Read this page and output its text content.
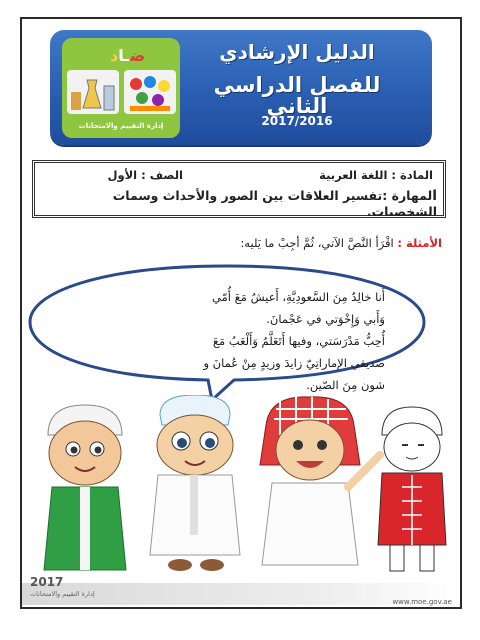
ضـاد
إدارة التقييم والامتحانات
الدليل الإرشادي
للفصل الدراسي الثاني
2017/2016
المادة : اللغة العربية
الصف : الأول
المهارة :تفسير العلاقات بين الصور والأحداث وسمات الشخصيات.
الأمثلة : اقْرَأ النَّصَّ الآتي، ثُمَّ أجِبْ ما يَليه:
أَنا خالِدٌ مِنَ السَّعودِيَّةِ، أَعيشُ مَعَ أُمّي
وَأَبي وَإِخْوَتي في عَجْمانَ.
أُحِبُّ مَدْرَسَتي، وفيها أَتَعَلَّمُ وَأَلْعَبُ مَعَ
صَديقي الإماراتِيّ زايدَ وزيدٍ مِنْ عُمانَ و
شون مِنَ الصّين.
2017
إدارة التقييم والامتحانات
www.moe.gov.ae
